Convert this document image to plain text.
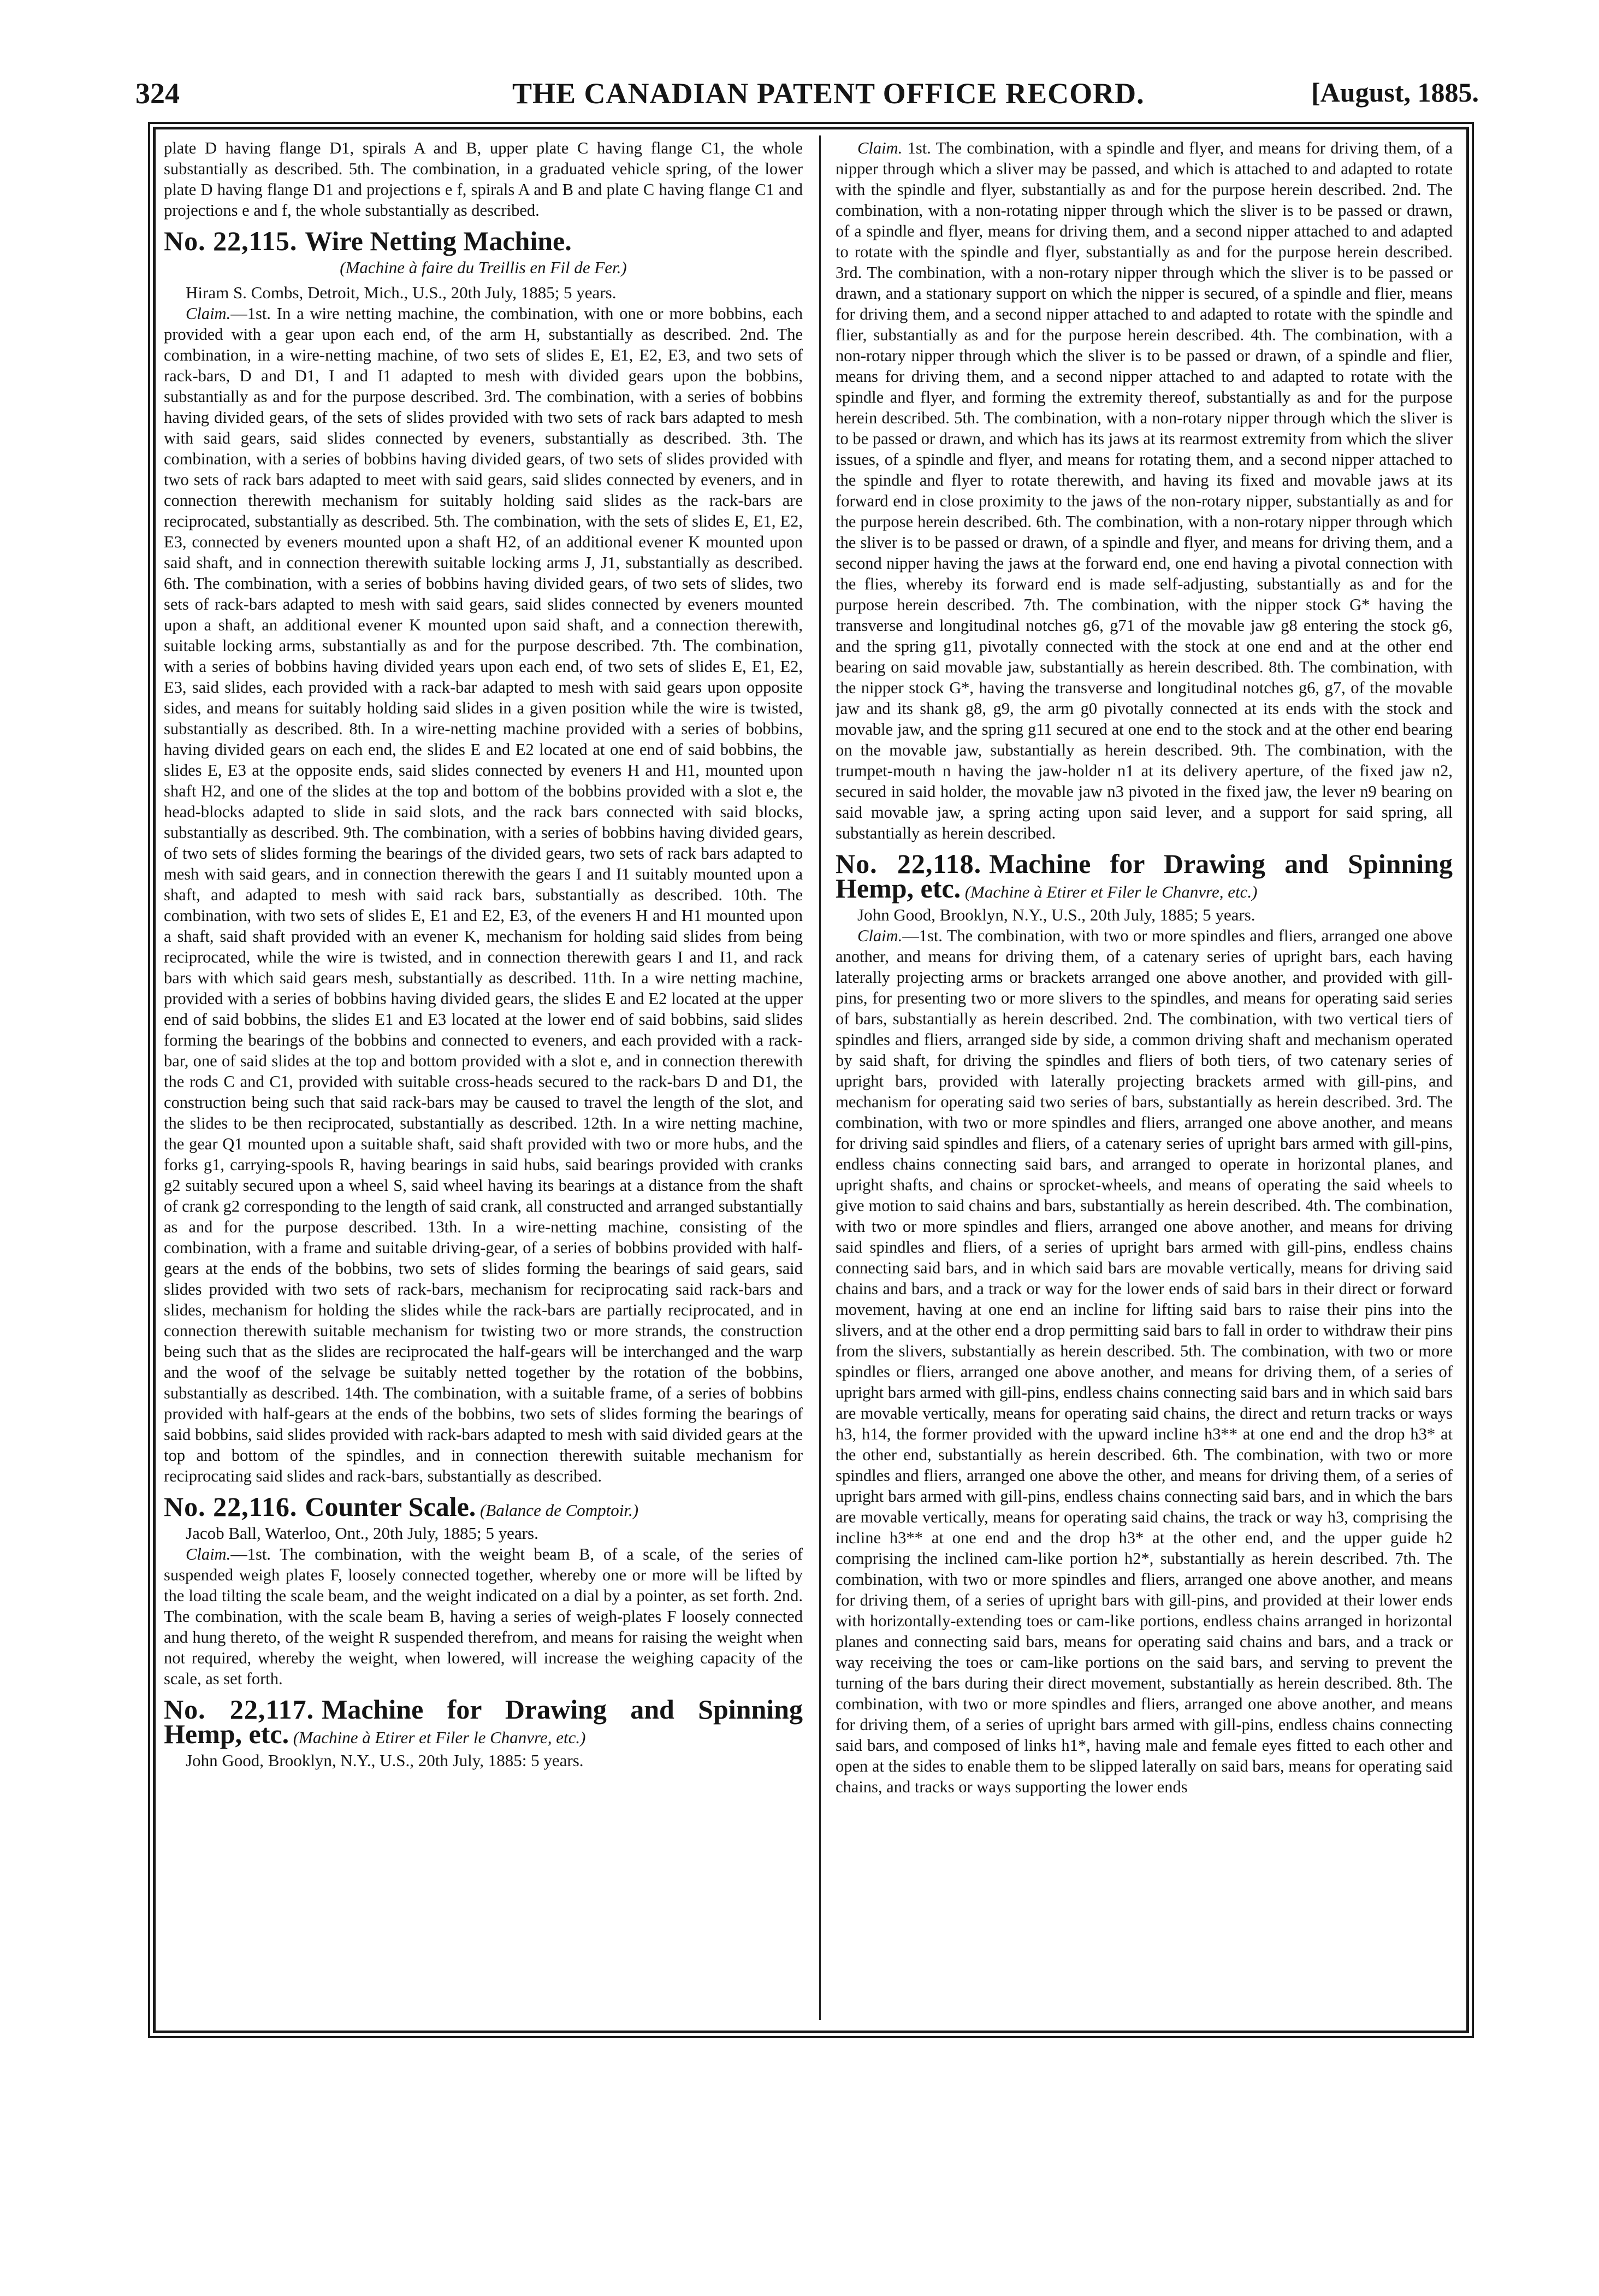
324	THE CANADIAN PATENT OFFICE RECORD.	[August, 1885.

plate D having flange D1, spirals A and B, upper plate C having flange C1, the whole substantially as described. 5th. The combination, in a graduated vehicle spring, of the lower plate D having flange D1 and projections e f, spirals A and B and plate C having flange C1 and projections e and f, the whole substantially as described.

No. 22,115. Wire Netting Machine.
(Machine à faire du Treillis en Fil de Fer.)

Hiram S. Combs, Detroit, Mich., U.S., 20th July, 1885; 5 years.

Claim.—1st. In a wire netting machine, the combination, with one or more bobbins, each provided with a gear upon each end, of the arm H, substantially as described. 2nd. The combination, in a wire-netting machine, of two sets of slides E, E1, E2, E3, and two sets of rack-bars, D and D1, I and I1 adapted to mesh with divided gears upon the bobbins, substantially as and for the purpose described. 3rd. The combination, with a series of bobbins having divided gears, of the sets of slides provided with two sets of rack bars adapted to mesh with said gears, said slides connected by eveners, substantially as described. 3th. The combination, with a series of bobbins having divided gears, of two sets of slides provided with two sets of rack bars adapted to meet with said gears, said slides connected by eveners, and in connection therewith mechanism for suitably holding said slides as the rack-bars are reciprocated, substantially as described. 5th. The combination, with the sets of slides E, E1, E2, E3, connected by eveners mounted upon a shaft H2, of an additional evener K mounted upon said shaft, and in connection therewith suitable locking arms J, J1, substantially as described. 6th. The combination, with a series of bobbins having divided gears, of two sets of slides, two sets of rack-bars adapted to mesh with said gears, said slides connected by eveners mounted upon a shaft, an additional evener K mounted upon said shaft, and a connection therewith, suitable locking arms, substantially as and for the purpose described. 7th. The combination, with a series of bobbins having divided years upon each end, of two sets of slides E, E1, E2, E3, said slides, each provided with a rack-bar adapted to mesh with said gears upon opposite sides, and means for suitably holding said slides in a given position while the wire is twisted, substantially as described. 8th. In a wire-netting machine provided with a series of bobbins, having divided gears on each end, the slides E and E2 located at one end of said bobbins, the slides E, E3 at the opposite ends, said slides connected by eveners H and H1, mounted upon shaft H2, and one of the slides at the top and bottom of the bobbins provided with a slot e, the head-blocks adapted to slide in said slots, and the rack bars connected with said blocks, substantially as described. 9th. The combination, with a series of bobbins having divided gears, of two sets of slides forming the bearings of the divided gears, two sets of rack bars adapted to mesh with said gears, and in connection therewith the gears I and I1 suitably mounted upon a shaft, and adapted to mesh with said rack bars, substantially as described. 10th. The combination, with two sets of slides E, E1 and E2, E3, of the eveners H and H1 mounted upon a shaft, said shaft provided with an evener K, mechanism for holding said slides from being reciprocated, while the wire is twisted, and in connection therewith gears I and I1, and rack bars with which said gears mesh, substantially as described. 11th. In a wire netting machine, provided with a series of bobbins having divided gears, the slides E and E2 located at the upper end of said bobbins, the slides E1 and E3 located at the lower end of said bobbins, said slides forming the bearings of the bobbins and connected to eveners, and each provided with a rack-bar, one of said slides at the top and bottom provided with a slot e, and in connection therewith the rods C and C1, provided with suitable cross-heads secured to the rack-bars D and D1, the construction being such that said rack-bars may be caused to travel the length of the slot, and the slides to be then reciprocated, substantially as described. 12th. In a wire netting machine, the gear Q1 mounted upon a suitable shaft, said shaft provided with two or more hubs, and the forks g1, carrying-spools R, having bearings in said hubs, said bearings provided with cranks g2 suitably secured upon a wheel S, said wheel having its bearings at a distance from the shaft of crank g2 corresponding to the length of said crank, all constructed and arranged substantially as and for the purpose described. 13th. In a wire-netting machine, consisting of the combination, with a frame and suitable driving-gear, of a series of bobbins provided with half-gears at the ends of the bobbins, two sets of slides forming the bearings of said gears, said slides provided with two sets of rack-bars, mechanism for reciprocating said rack-bars and slides, mechanism for holding the slides while the rack-bars are partially reciprocated, and in connection therewith suitable mechanism for twisting two or more strands, the construction being such that as the slides are reciprocated the half-gears will be interchanged and the warp and the woof of the selvage be suitably netted together by the rotation of the bobbins, substantially as described. 14th. The combination, with a suitable frame, of a series of bobbins provided with half-gears at the ends of the bobbins, two sets of slides forming the bearings of said bobbins, said slides provided with rack-bars adapted to mesh with said divided gears at the top and bottom of the spindles, and in connection therewith suitable mechanism for reciprocating said slides and rack-bars, substantially as described.

No. 22,116. Counter Scale. (Balance de Comptoir.)

Jacob Ball, Waterloo, Ont., 20th July, 1885; 5 years.

Claim.—1st. The combination, with the weight beam B, of a scale, of the series of suspended weigh plates F, loosely connected together, whereby one or more will be lifted by the load tilting the scale beam, and the weight indicated on a dial by a pointer, as set forth. 2nd. The combination, with the scale beam B, having a series of weigh-plates F loosely connected and hung thereto, of the weight R suspended therefrom, and means for raising the weight when not required, whereby the weight, when lowered, will increase the weighing capacity of the scale, as set forth.

No. 22,117. Machine for Drawing and Spinning Hemp, etc. (Machine à Etirer et Filer le Chanvre, etc.)

John Good, Brooklyn, N.Y., U.S., 20th July, 1885: 5 years.

Claim. 1st. The combination, with a spindle and flyer, and means for driving them, of a nipper through which a sliver may be passed, and which is attached to and adapted to rotate with the spindle and flyer, substantially as and for the purpose herein described. 2nd. The combination, with a non-rotating nipper through which the sliver is to be passed or drawn, of a spindle and flyer, means for driving them, and a second nipper attached to and adapted to rotate with the spindle and flyer, substantially as and for the purpose herein described. 3rd. The combination, with a non-rotary nipper through which the sliver is to be passed or drawn, and a stationary support on which the nipper is secured, of a spindle and flier, means for driving them, and a second nipper attached to and adapted to rotate with the spindle and flier, substantially as and for the purpose herein described. 4th. The combination, with a non-rotary nipper through which the sliver is to be passed or drawn, of a spindle and flier, means for driving them, and a second nipper attached to and adapted to rotate with the spindle and flyer, and forming the extremity thereof, substantially as and for the purpose herein described. 5th. The combination, with a non-rotary nipper through which the sliver is to be passed or drawn, and which has its jaws at its rearmost extremity from which the sliver issues, of a spindle and flyer, and means for rotating them, and a second nipper attached to the spindle and flyer to rotate therewith, and having its fixed and movable jaws at its forward end in close proximity to the jaws of the non-rotary nipper, substantially as and for the purpose herein described. 6th. The combination, with a non-rotary nipper through which the sliver is to be passed or drawn, of a spindle and flyer, and means for driving them, and a second nipper having the jaws at the forward end, one end having a pivotal connection with the flies, whereby its forward end is made self-adjusting, substantially as and for the purpose herein described. 7th. The combination, with the nipper stock G* having the transverse and longitudinal notches g6, g71 of the movable jaw g8 entering the stock g6, and the spring g11, pivotally connected with the stock at one end and at the other end bearing on said movable jaw, substantially as herein described. 8th. The combination, with the nipper stock G*, having the transverse and longitudinal notches g6, g7, of the movable jaw and its shank g8, g9, the arm g0 pivotally connected at its ends with the stock and movable jaw, and the spring g11 secured at one end to the stock and at the other end bearing on the movable jaw, substantially as herein described. 9th. The combination, with the trumpet-mouth n having the jaw-holder n1 at its delivery aperture, of the fixed jaw n2, secured in said holder, the movable jaw n3 pivoted in the fixed jaw, the lever n9 bearing on said movable jaw, a spring acting upon said lever, and a support for said spring, all substantially as herein described.

No. 22,118. Machine for Drawing and Spinning Hemp, etc. (Machine à Etirer et Filer le Chanvre, etc.)

John Good, Brooklyn, N.Y., U.S., 20th July, 1885; 5 years.

Claim.—1st. The combination, with two or more spindles and fliers, arranged one above another, and means for driving them, of a catenary series of upright bars, each having laterally projecting arms or brackets arranged one above another, and provided with gill-pins, for presenting two or more slivers to the spindles, and means for operating said series of bars, substantially as herein described. 2nd. The combination, with two vertical tiers of spindles and fliers, arranged side by side, a common driving shaft and mechanism operated by said shaft, for driving the spindles and fliers of both tiers, of two catenary series of upright bars, provided with laterally projecting brackets armed with gill-pins, and mechanism for operating said two series of bars, substantially as herein described. 3rd. The combination, with two or more spindles and fliers, arranged one above another, and means for driving said spindles and fliers, of a catenary series of upright bars armed with gill-pins, endless chains connecting said bars, and arranged to operate in horizontal planes, and upright shafts, and chains or sprocket-wheels, and means of operating the said wheels to give motion to said chains and bars, substantially as herein described. 4th. The combination, with two or more spindles and fliers, arranged one above another, and means for driving said spindles and fliers, of a series of upright bars armed with gill-pins, endless chains connecting said bars, and in which said bars are movable vertically, means for driving said chains and bars, and a track or way for the lower ends of said bars in their direct or forward movement, having at one end an incline for lifting said bars to raise their pins into the slivers, and at the other end a drop permitting said bars to fall in order to withdraw their pins from the slivers, substantially as herein described. 5th. The combination, with two or more spindles or fliers, arranged one above another, and means for driving them, of a series of upright bars armed with gill-pins, endless chains connecting said bars and in which said bars are movable vertically, means for operating said chains, the direct and return tracks or ways h3, h14, the former provided with the upward incline h3** at one end and the drop h3* at the other end, substantially as herein described. 6th. The combination, with two or more spindles and fliers, arranged one above the other, and means for driving them, of a series of upright bars armed with gill-pins, endless chains connecting said bars, and in which the bars are movable vertically, means for operating said chains, the track or way h3, comprising the incline h3** at one end and the drop h3* at the other end, and the upper guide h2 comprising the inclined cam-like portion h2*, substantially as herein described. 7th. The combination, with two or more spindles and fliers, arranged one above another, and means for driving them, of a series of upright bars with gill-pins, and provided at their lower ends with horizontally-extending toes or cam-like portions, endless chains arranged in horizontal planes and connecting said bars, means for operating said chains and bars, and a track or way receiving the toes or cam-like portions on the said bars, and serving to prevent the turning of the bars during their direct movement, substantially as herein described. 8th. The combination, with two or more spindles and fliers, arranged one above another, and means for driving them, of a series of upright bars armed with gill-pins, endless chains connecting said bars, and composed of links h1*, having male and female eyes fitted to each other and open at the sides to enable them to be slipped laterally on said bars, means for operating said chains, and tracks or ways supporting the lower ends
